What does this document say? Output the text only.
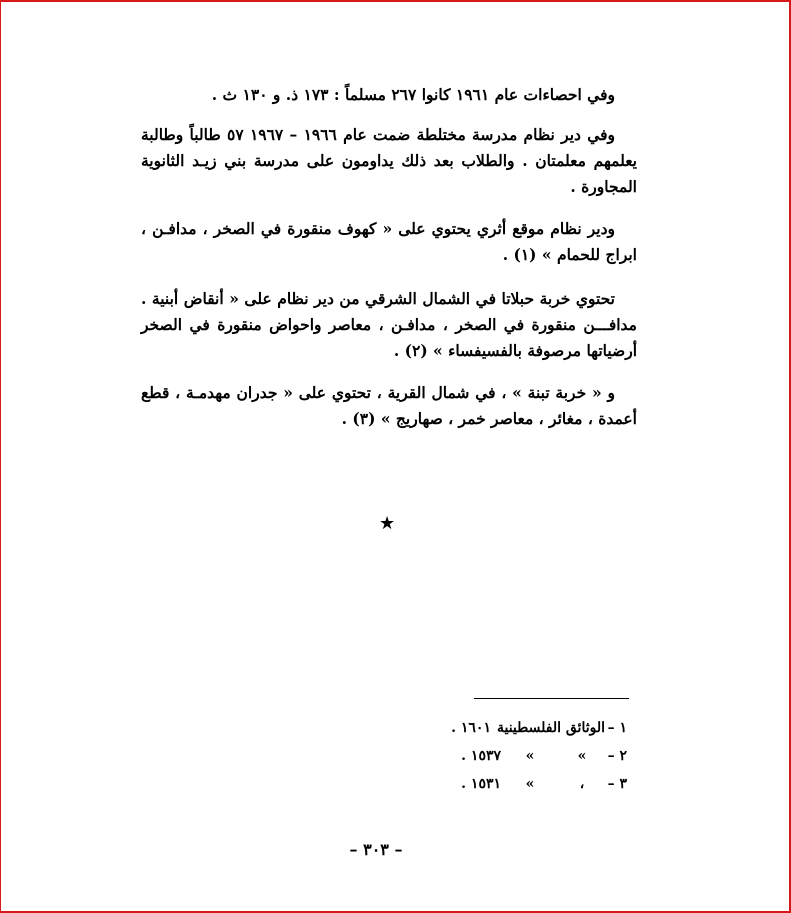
وفي احصاءات عام ١٩٦١ كانوا ٢٦٧ مسلماً : ١٧٣ ذ. و ١٣٠ ث .

وفي دير نظام مدرسة مختلطة ضمت عام ١٩٦٦ – ١٩٦٧ ٥٧ طالباً وطالبة يعلمهم معلمتان . والطلاب بعد ذلك يداومون على مدرسة بني زيـد الثانوية المجاورة .

ودير نظام موقع أثري يحتوي على « كهوف منقورة في الصخر ، مدافـن ، ابراج للحمام » (١) .

تحتوي خربة حبلاتا في الشمال الشرقي من دير نظام على « أنقاض أبنية . مدافـــن منقورة في الصخر ، مدافـن ، معاصر واحواض منقورة في الصخر أرضياتها مرصوفة بالفسيفساء » (٢) .

و « خربة تبنة » ، في شمال القرية ، تحتوي على « جدران مهدمـة ، قطع أعمدة ، مغائر ، معاصر خمر ، صهاريج » (٣) .

★
١ –
الوثائق الفلسطينية
١٦٠١ .
٢ –
»
»
١٥٣٧ .
٣ –
،
»
١٥٣١ .
– ٣٠٣ –
